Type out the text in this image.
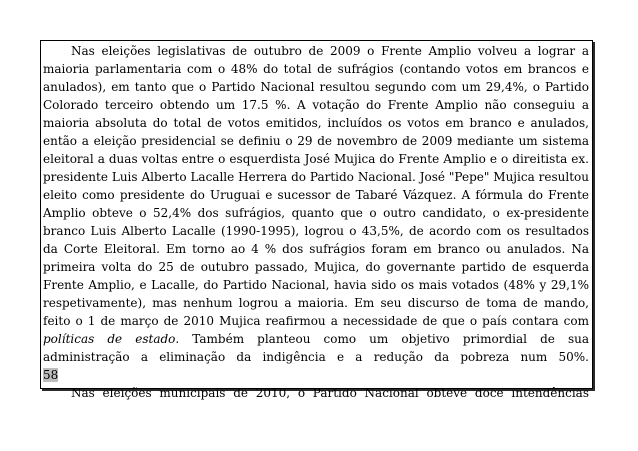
Nas eleições legislativas de outubro de 2009 o Frente Amplio volveu a lograr a
maioria parlamentaria com o 48% do total de sufrágios (contando votos em brancos e
anulados), em tanto que o Partido Nacional resultou segundo com um 29,4%, o Partido
Colorado terceiro obtendo um 17.5 %. A votação do Frente Amplio não conseguiu a
maioria absoluta do total de votos emitidos, incluídos os votos em branco e anulados,
então a eleição presidencial se definiu o 29 de novembro de 2009 mediante um sistema
eleitoral a duas voltas entre o esquerdista José Mujica do Frente Amplio e o direitista ex.
presidente Luis Alberto Lacalle Herrera do Partido Nacional. José "Pepe" Mujica resultou
eleito como presidente do Uruguai e sucessor de Tabaré Vázquez. A fórmula do Frente
Amplio obteve o 52,4% dos sufrágios, quanto que o outro candidato, o ex-presidente
branco Luis Alberto Lacalle (1990-1995), logrou o 43,5%, de acordo com os resultados
da Corte Eleitoral. Em torno ao 4 % dos sufrágios foram em branco ou anulados. Na
primeira volta do 25 de outubro passado, Mujica, do governante partido de esquerda
Frente Amplio, e Lacalle, do Partido Nacional, havia sido os mais votados (48% y 29,1%
respetivamente), mas nenhum logrou a maioria. Em seu discurso de toma de mando,
feito o 1 de março de 2010 Mujica reafirmou a necessidade de que o país contara com
políticas de estado. Também planteou como um objetivo primordial de sua
administração a eliminação da indigência e a redução da pobreza num 50%.
58
Nas eleições municipais de 2010, o Partido Nacional obteve doce intendências
